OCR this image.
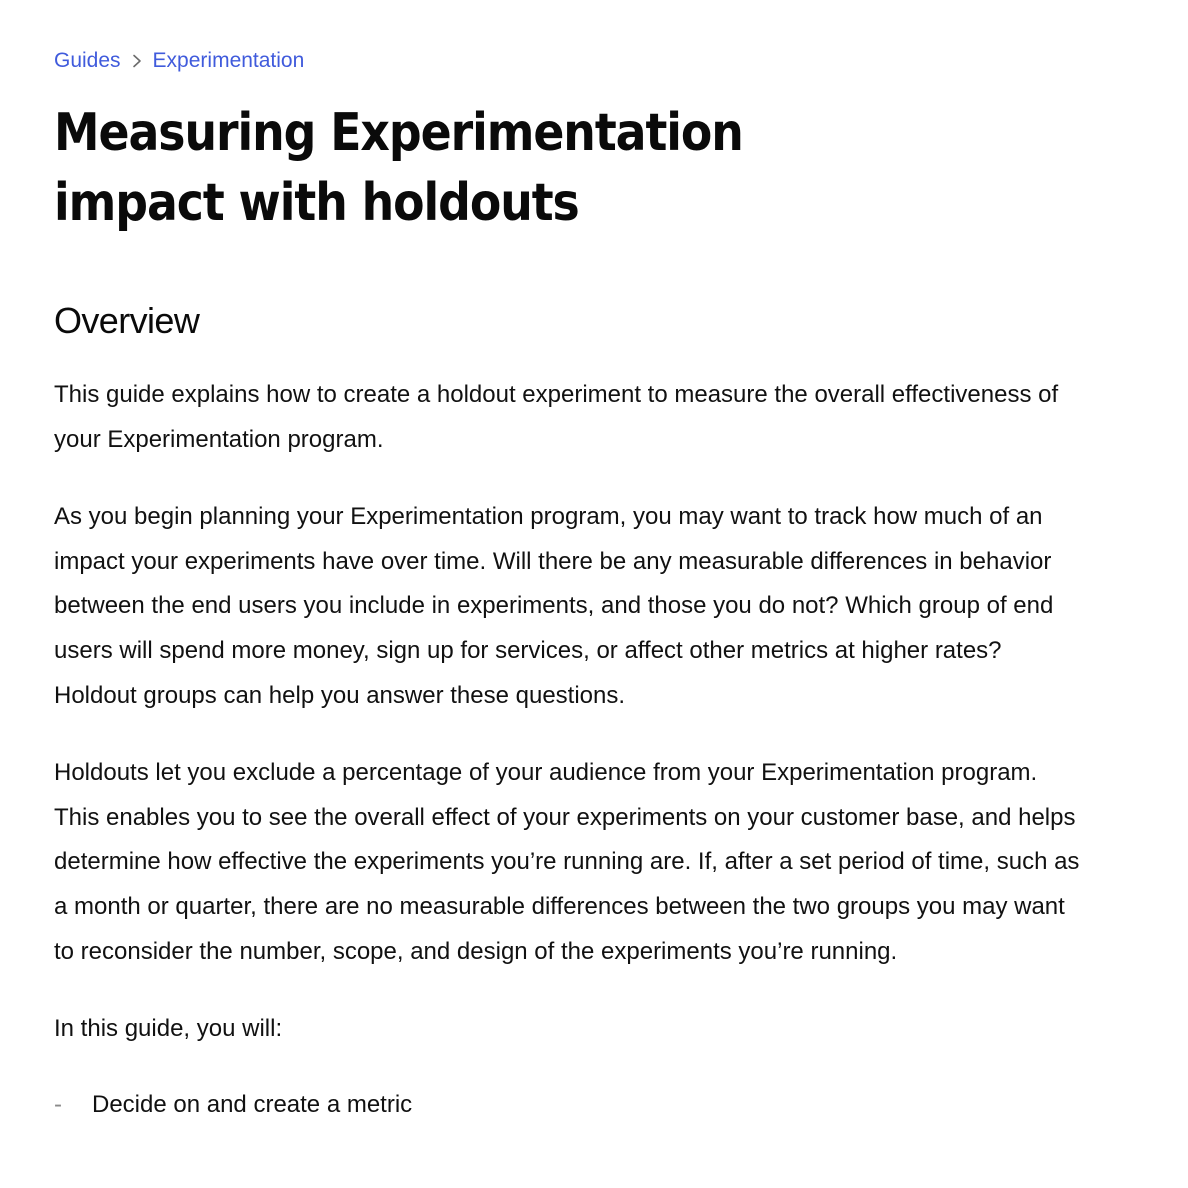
Guides Experimentation
Measuring Experimentation
impact with holdouts
Overview

This guide explains how to create a holdout experiment to measure the overall effectiveness of your Experimentation program.

As you begin planning your Experimentation program, you may want to track how much of an impact your experiments have over time. Will there be any measurable differences in behavior between the end users you include in experiments, and those you do not? Which group of end users will spend more money, sign up for services, or affect other metrics at higher rates? Holdout groups can help you answer these questions.

Holdouts let you exclude a percentage of your audience from your Experimentation program. This enables you to see the overall effect of your experiments on your customer base, and helps determine how effective the experiments you’re running are. If, after a set period of time, such as a month or quarter, there are no measurable differences between the two groups you may want to reconsider the number, scope, and design of the experiments you’re running.

In this guide, you will:

-	Decide on and create a metric
